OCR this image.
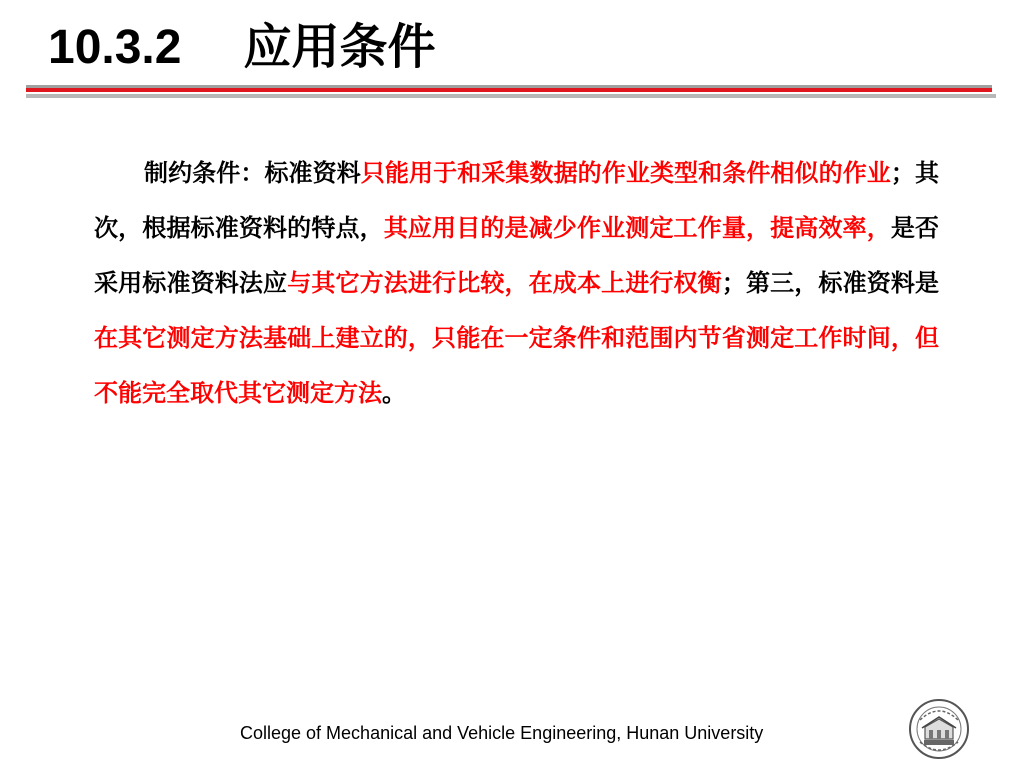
10.3.2 应用条件

制约条件：标准资料只能用于和采集数据的作业类型和条件相似的作业；其次，根据标准资料的特点，其应用目的是减少作业测定工作量，提高效率，是否采用标准资料法应与其它方法进行比较，在成本上进行权衡；第三，标准资料是在其它测定方法基础上建立的，只能在一定条件和范围内节省测定工作时间，但不能完全取代其它测定方法。

College of Mechanical and Vehicle Engineering, Hunan University
